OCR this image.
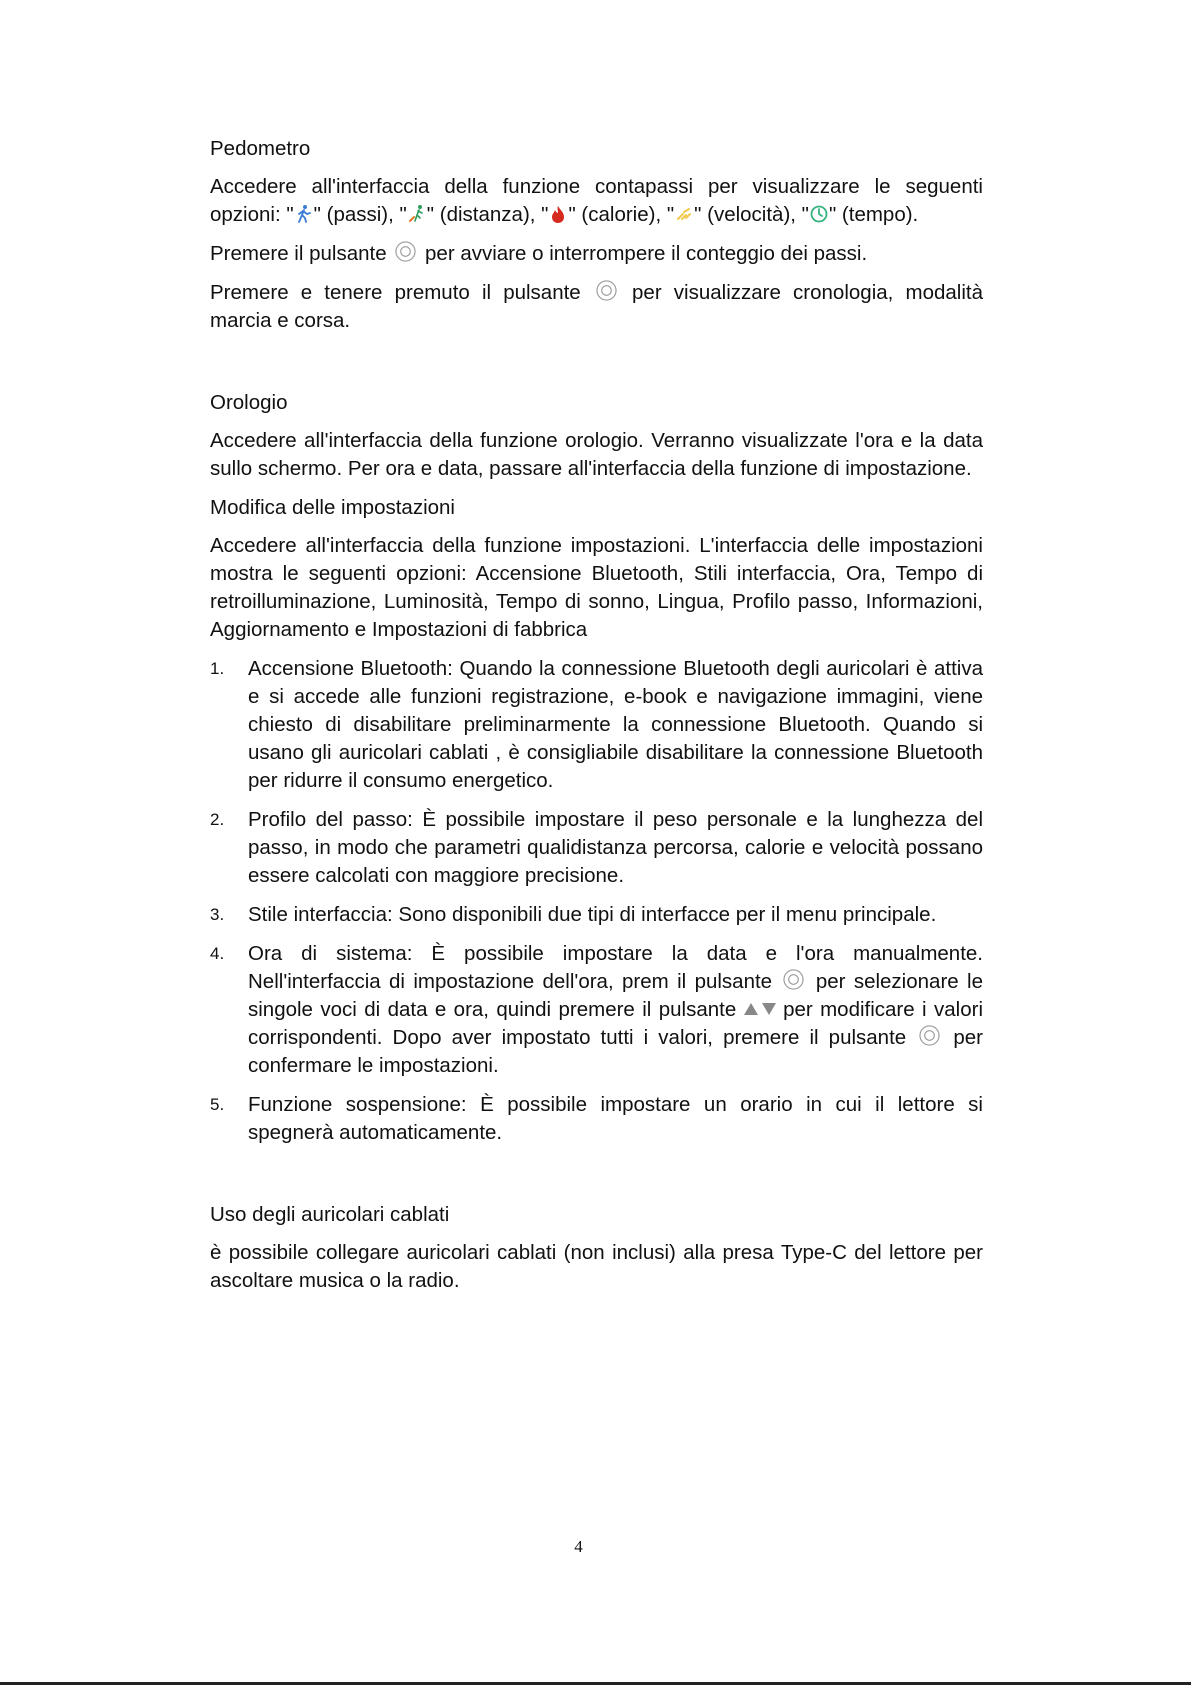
Pedometro

Accedere all'interfaccia della funzione contapassi per visualizzare le seguenti opzioni: " " (passi), " " (distanza), " " (calorie), " " (velocità), " " (tempo).

Premere il pulsante per avviare o interrompere il conteggio dei passi.

Premere e tenere premuto il pulsante	per visualizzare cronologia, modalità marcia e corsa.

Orologio

Accedere all'interfaccia della funzione orologio. Verranno visualizzate l'ora e la data sullo schermo. Per ora e data, passare all'interfaccia della funzione di impostazione.

Modifica delle impostazioni

Accedere all'interfaccia della funzione impostazioni. L'interfaccia delle impostazioni mostra le seguenti opzioni: Accensione Bluetooth, Stili interfaccia, Ora, Tempo di retroilluminazione, Luminosità, Tempo di sonno, Lingua, Profilo passo, Informazioni, Aggiornamento e Impostazioni di fabbrica

1. Accensione Bluetooth: Quando la connessione Bluetooth degli auricolari è attiva e si accede alle funzioni registrazione, e-book e navigazione immagini, viene chiesto di disabilitare preliminarmente la connessione Bluetooth. Quando si usano gli auricolari cablati , è consigliabile disabilitare la connessione Bluetooth per ridurre il consumo energetico.
2. Profilo del passo: È possibile impostare il peso personale e la lunghezza del passo, in modo che parametri qualidistanza percorsa, calorie e velocità possano essere calcolati con maggiore precisione.
3. Stile interfaccia: Sono disponibili due tipi di interfacce per il menu principale.
4. Ora di sistema: È possibile impostare la data e l'ora manualmente. Nell'interfaccia di impostazione dell'ora, prem il pulsante per selezionare le singole voci di data e ora, quindi premere il pulsante per modificare i valori corrispondenti. Dopo aver impostato tutti i valori, premere il pulsante per confermare le impostazioni.
5. Funzione sospensione: È possibile impostare un orario in cui il lettore si spegnerà automaticamente.
Uso degli auricolari cablati

è possibile collegare auricolari cablati (non inclusi) alla presa Type-C del lettore per ascoltare musica o la radio.

4
